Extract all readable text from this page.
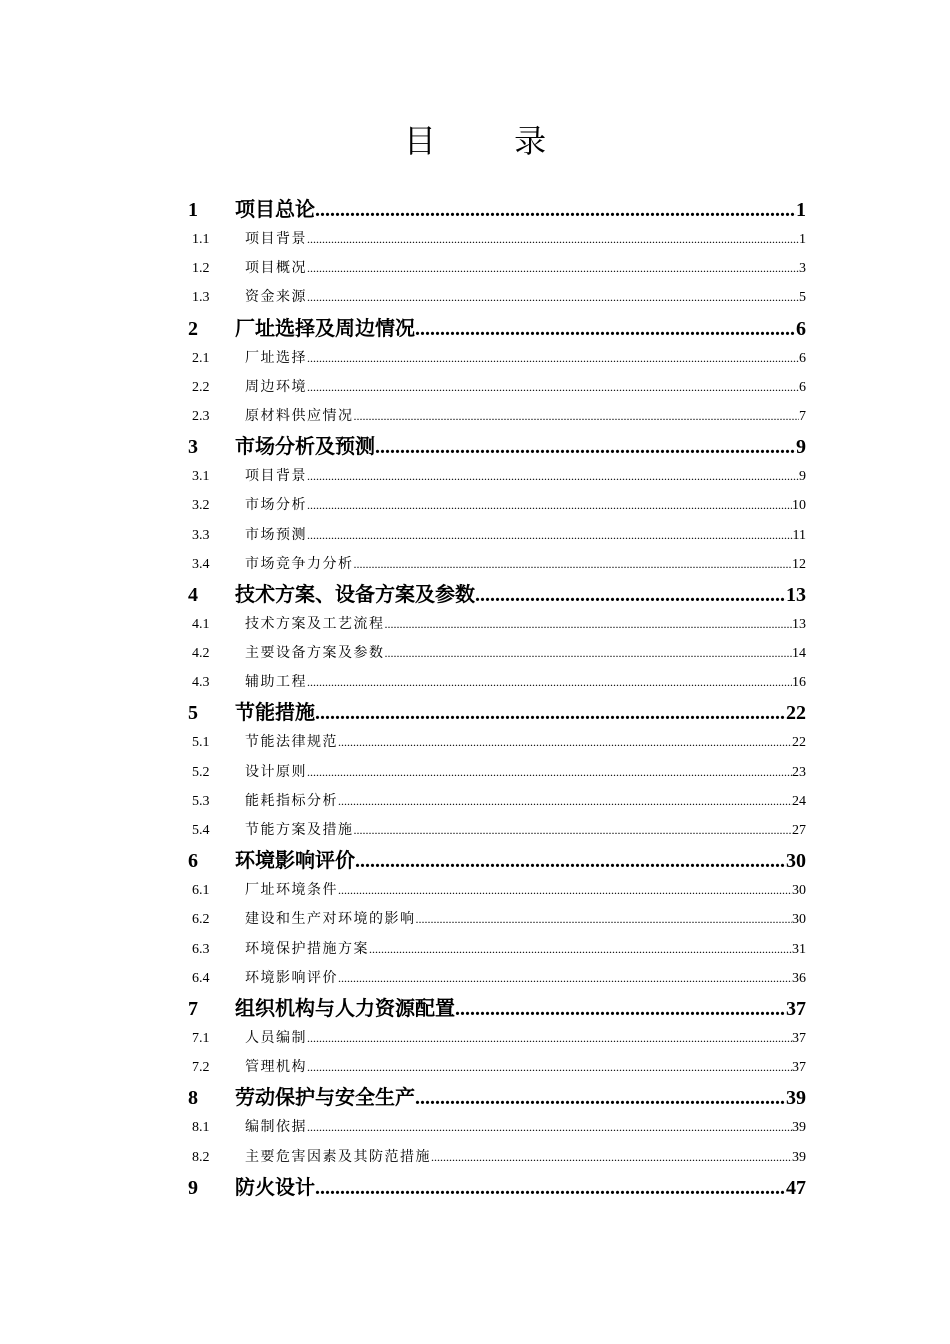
目 录
1	项目总论 .....	1
1.1	项目背景 .....	1
1.2	项目概况 .....	3
1.3	资金来源 .....	5
2	厂址选择及周边情况 .....	6
2.1	厂址选择 .....	6
2.2	周边环境 .....	6
2.3	原材料供应情况 .....	7
3	市场分析及预测 .....	9
3.1	项目背景 .....	9
3.2	市场分析 .....	10
3.3	市场预测 .....	11
3.4	市场竞争力分析 .....	12
4	技术方案、设备方案及参数 .....	13
4.1	技术方案及工艺流程 .....	13
4.2	主要设备方案及参数 .....	14
4.3	辅助工程 .....	16
5	节能措施 .....	22
5.1	节能法律规范 .....	22
5.2	设计原则 .....	23
5.3	能耗指标分析 .....	24
5.4	节能方案及措施 .....	27
6	环境影响评价 .....	30
6.1	厂址环境条件 .....	30
6.2	建设和生产对环境的影响 .....	30
6.3	环境保护措施方案 .....	31
6.4	环境影响评价 .....	36
7	组织机构与人力资源配置 .....	37
7.1	人员编制 .....	37
7.2	管理机构 .....	37
8	劳动保护与安全生产 .....	39
8.1	编制依据 .....	39
8.2	主要危害因素及其防范措施 .....	39
9	防火设计 .....	47
